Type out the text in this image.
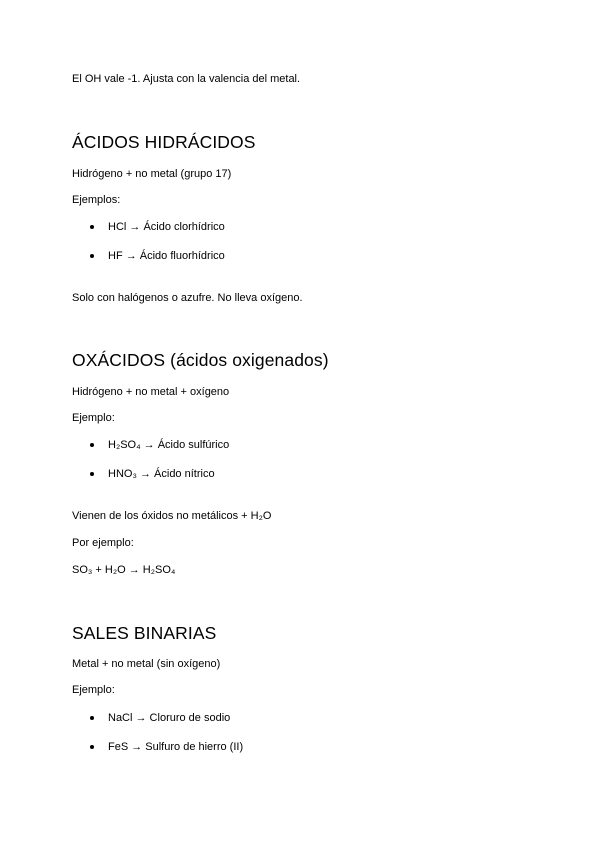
El OH vale -1. Ajusta con la valencia del metal.

ÁCIDOS HIDRÁCIDOS

Hidrógeno + no metal (grupo 17)

Ejemplos:

HCl → Ácido clorhídrico
HF → Ácido fluorhídrico

Solo con halógenos o azufre. No lleva oxígeno.

OXÁCIDOS (ácidos oxigenados)

Hidrógeno + no metal + oxígeno

Ejemplo:

H₂SO₄ → Ácido sulfúrico
HNO₃ → Ácido nítrico

Vienen de los óxidos no metálicos + H₂O

Por ejemplo:

SO₃ + H₂O → H₂SO₄

SALES BINARIAS

Metal + no metal (sin oxígeno)

Ejemplo:

NaCl → Cloruro de sodio
FeS → Sulfuro de hierro (II)
